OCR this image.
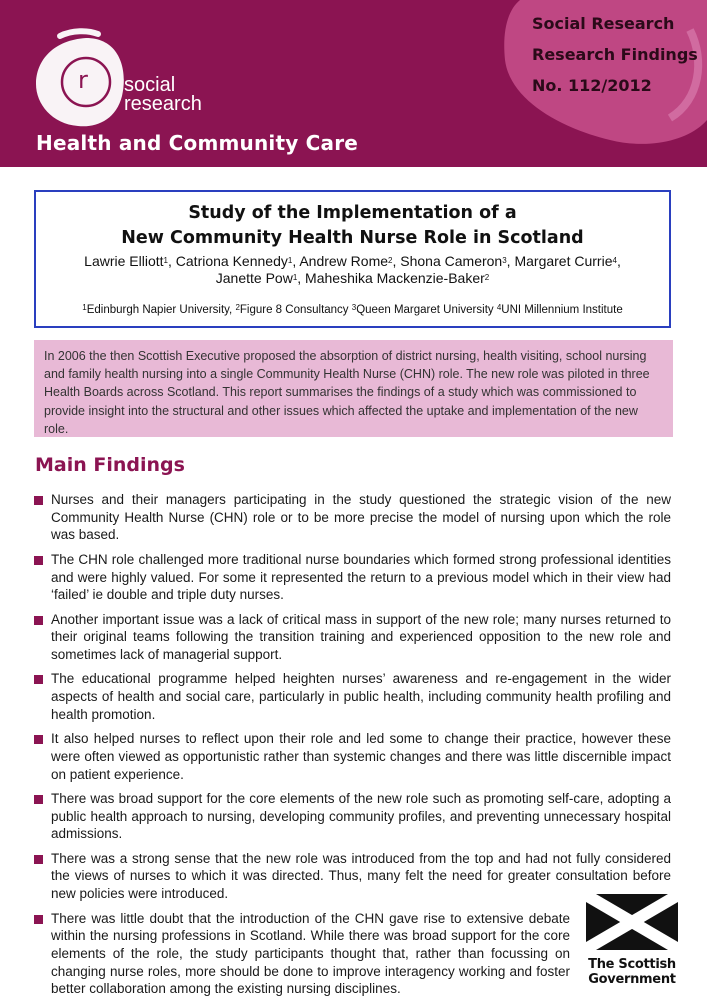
r social
research
Health and Community Care
Social Research
Research Findings
No. 112/2012
Study of the Implementation of a
New Community Health Nurse Role in Scotland
Lawrie Elliott$^1$, Catriona Kennedy$^1$, Andrew Rome$^2$, Shona Cameron$^3$, Margaret Currie$^4$,
Janette Pow$^1$, Maheshika Mackenzie-Baker$^2$
$^1$Edinburgh Napier University, $^2$Figure 8 Consultancy $^3$Queen Margaret University $^4$UNI Millennium Institute
In 2006 the then Scottish Executive proposed the absorption of district nursing, health visiting, school nursing and family health nursing into a single Community Health Nurse (CHN) role. The new role was piloted in three Health Boards across Scotland. This report summarises the findings of a study which was commissioned to provide insight into the structural and other issues which affected the uptake and implementation of the new role.
Main Findings
Nurses and their managers participating in the study questioned the strategic vision of the new Community Health Nurse (CHN) role or to be more precise the model of nursing upon which the role was based.
The CHN role challenged more traditional nurse boundaries which formed strong professional identities and were highly valued. For some it represented the return to a previous model which in their view had ‘failed’ ie double and triple duty nurses.
Another important issue was a lack of critical mass in support of the new role; many nurses returned to their original teams following the transition training and experienced opposition to the new role and sometimes lack of managerial support.
The educational programme helped heighten nurses’ awareness and re-engagement in the wider aspects of health and social care, particularly in public health, including community health profiling and health promotion.
It also helped nurses to reflect upon their role and led some to change their practice, however these were often viewed as opportunistic rather than systemic changes and there was little discernible impact on patient experience.
There was broad support for the core elements of the new role such as promoting self-care, adopting a public health approach to nursing, developing community profiles, and preventing unnecessary hospital admissions.
There was a strong sense that the new role was introduced from the top and had not fully considered the views of nurses to which it was directed. Thus, many felt the need for greater consultation before new policies were introduced.
There was little doubt that the introduction of the CHN gave rise to extensive debate within the nursing professions in Scotland. While there was broad support for the core elements of the role, the study participants thought that, rather than focussing on changing nurse roles, more should be done to improve interagency working and foster better collaboration among the existing nursing disciplines.
The Scottish
Government
